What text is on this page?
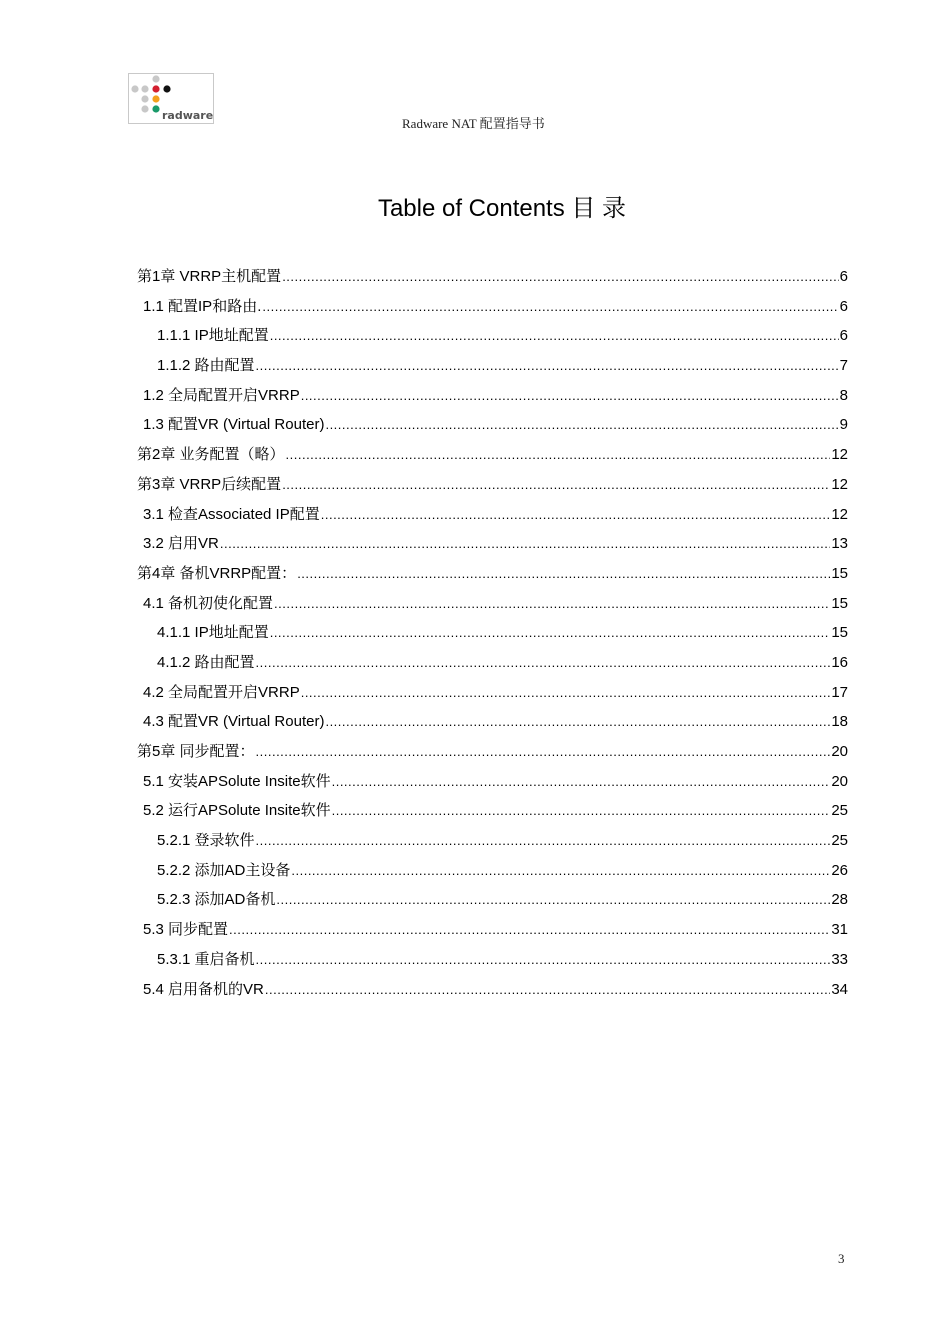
radware
Radware NAT 配置指导书
Table of Contents 目 录
第1章 VRRP主机配置 .....	6
1.1 配置IP和路由. .....	6
1.1.1 IP地址配置 .....	6
1.1.2 路由配置 .....	7
1.2 全局配置开启VRRP .....	8
1.3 配置VR (Virtual Router) .....	9
第2章 业务配置（略） .....	12
第3章 VRRP后续配置 .....	12
3.1 检查Associated IP配置 .....	12
3.2 启用VR .....	13
第4章 备机VRRP配置： .....	15
4.1 备机初使化配置 .....	15
4.1.1 IP地址配置 .....	15
4.1.2 路由配置 .....	16
4.2 全局配置开启VRRP .....	17
4.3 配置VR (Virtual Router) .....	18
第5章 同步配置： .....	20
5.1 安装APSolute Insite软件 .....	20
5.2 运行APSolute Insite软件 .....	25
5.2.1 登录软件 .....	25
5.2.2 添加AD主设备 .....	26
5.2.3 添加AD备机 .....	28
5.3 同步配置 .....	31
5.3.1 重启备机 .....	33
5.4 启用备机的VR .....	34
3
